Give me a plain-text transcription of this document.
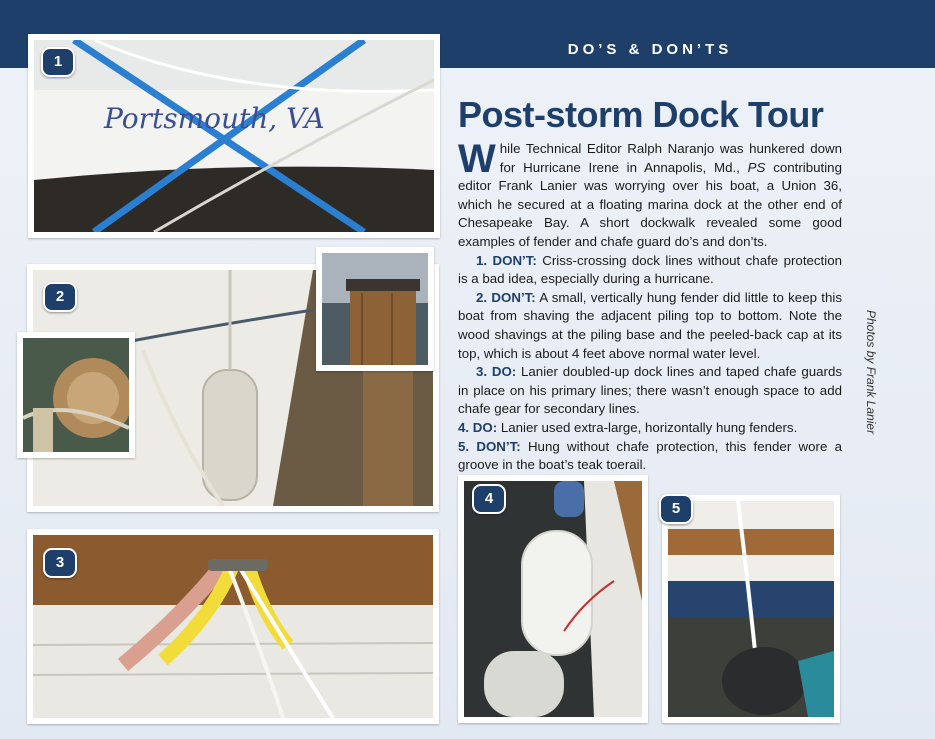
DO’S & DON’TS
Portsmouth, VA
1
2
3
4
5
Post-storm Dock Tour

While Technical Editor Ralph Naranjo was hunkered down for Hurricane Irene in Annapolis, Md., PS contributing editor Frank Lanier was worrying over his boat, a Union 36, which he secured at a floating marina dock at the other end of Chesapeake Bay. A short dockwalk revealed some good examples of fender and chafe guard do’s and don’ts.

1. DON’T: Criss-crossing dock lines without chafe protection is a bad idea, especially during a hurricane.

2. DON’T: A small, vertically hung fender did little to keep this boat from shaving the adjacent piling top to bottom. Note the wood shavings at the piling base and the peeled-back cap at its top, which is about 4 feet above normal water level.

3. DO: Lanier doubled-up dock lines and taped chafe guards in place on his primary lines; there wasn’t enough space to add chafe gear for secondary lines.

4. DO: Lanier used extra-large, horizontally hung fenders.

5. DON’T: Hung without chafe protection, this fender wore a groove in the boat’s teak toerail.

Photos by Frank Lanier
